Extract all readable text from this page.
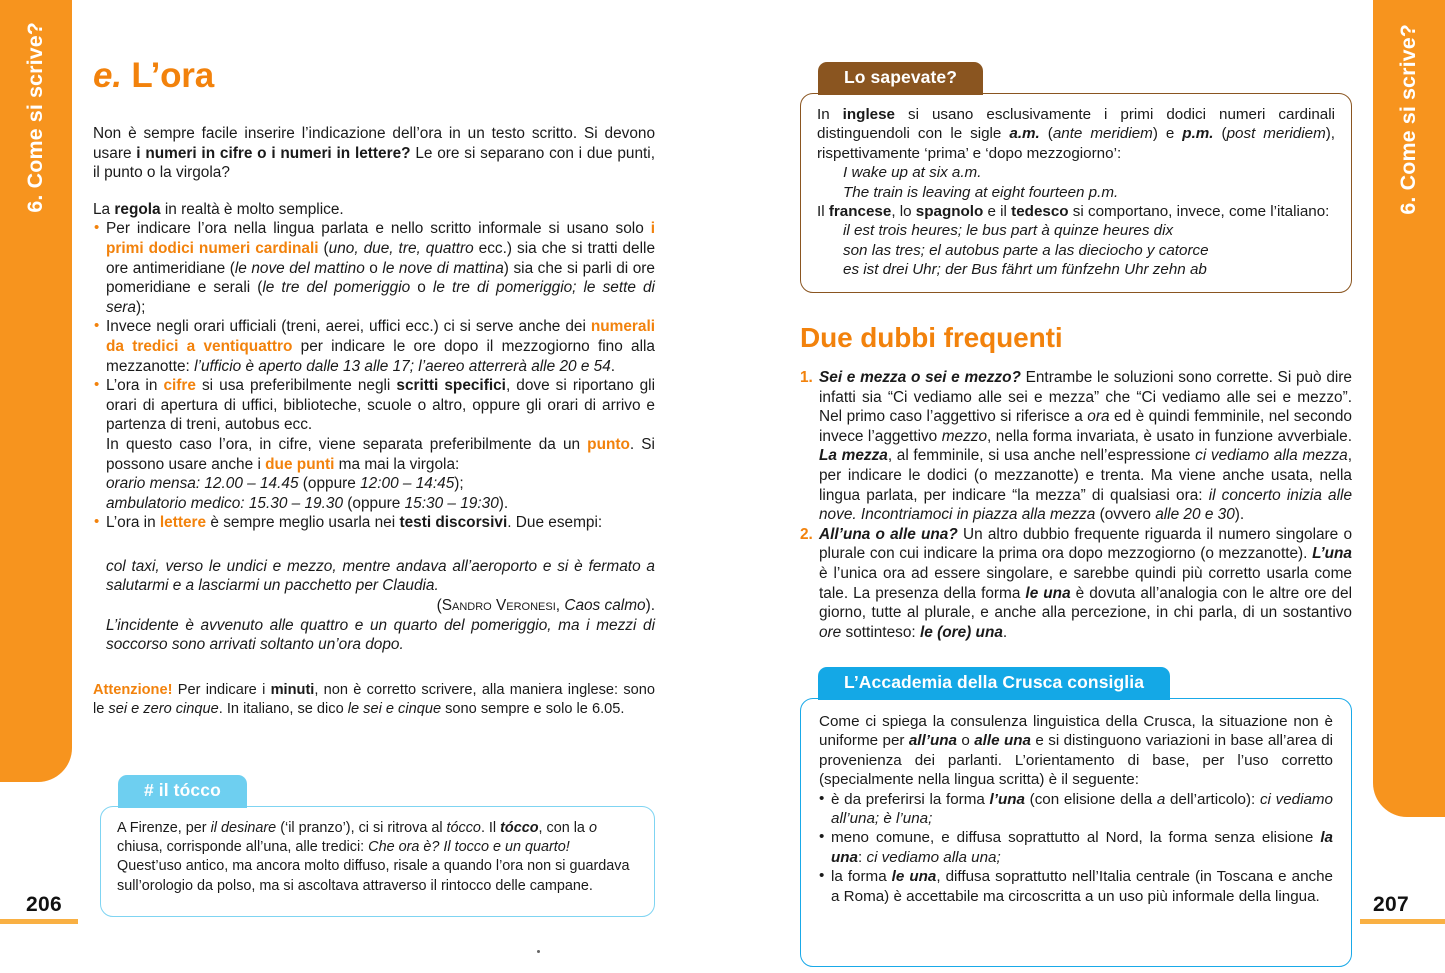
6. Come si scrive?	6. Come si scrive?
e. L’ora

Non è sempre facile inserire l’indicazione dell’ora in un testo scritto. Si devono usare i numeri in cifre o i numeri in lettere? Le ore si separano con i due punti, il punto o la virgola?

La regola in realtà è molto semplice.

• Per indicare l’ora nella lingua parlata e nello scritto informale si usano solo i primi dodici numeri cardinali (uno, due, tre, quattro ecc.) sia che si tratti delle ore antimeridiane (le nove del mattino o le nove di mattina) sia che si parli di ore pomeridiane e serali (le tre del pomeriggio o le tre di pomeriggio; le sette di sera);
• Invece negli orari ufficiali (treni, aerei, uffici ecc.) ci si serve anche dei numerali da tredici a ventiquattro per indicare le ore dopo il mezzogiorno fino alla mezzanotte: l’ufficio è aperto dalle 13 alle 17; l’aereo atterrerà alle 20 e 54.
• L’ora in cifre si usa preferibilmente negli scritti specifici, dove si riportano gli orari di apertura di uffici, biblioteche, scuole o altro, oppure gli orari di arrivo e partenza di treni, autobus ecc.
In questo caso l’ora, in cifre, viene separata preferibilmente da un punto. Si possono usare anche i due punti ma mai la virgola:
orario mensa: 12.00 – 14.45 (oppure 12:00 – 14:45);
ambulatorio medico: 15.30 – 19.30 (oppure 15:30 – 19:30).
• L’ora in lettere è sempre meglio usarla nei testi discorsivi. Due esempi:
col taxi, verso le undici e mezzo, mentre andava all’aeroporto e si è fermato a salutarmi e a lasciarmi un pacchetto per Claudia.
(Sandro Veronesi, Caos calmo).
L’incidente è avvenuto alle quattro e un quarto del pomeriggio, ma i mezzi di soccorso sono arrivati soltanto un’ora dopo.
Attenzione! Per indicare i minuti, non è corretto scrivere, alla maniera inglese: sono le sei e zero cinque. In italiano, se dico le sei e cinque sono sempre e solo le 6.05.
# il tócco
A Firenze, per il desinare (‘il pranzo’), ci si ritrova al tócco. Il tócco, con la o chiusa, corrisponde all’una, alle tredici: Che ora è? Il tocco e un quarto!
Quest’uso antico, ma ancora molto diffuso, risale a quando l’ora non si guardava sull’orologio da polso, ma si ascoltava attraverso il rintocco delle campane.
Lo sapevate?
In inglese si usano esclusivamente i primi dodici numeri cardinali distinguendoli con le sigle a.m. (ante meridiem) e p.m. (post meridiem), rispettivamente ‘prima’ e ‘dopo mezzogiorno’:
I wake up at six a.m.
The train is leaving at eight fourteen p.m.
Il francese, lo spagnolo e il tedesco si comportano, invece, come l’italiano:
il est trois heures; le bus part à quinze heures dix
son las tres; el autobus parte a las dieciocho y catorce
es ist drei Uhr; der Bus fährt um fünfzehn Uhr zehn ab
Due dubbi frequenti
1. Sei e mezza o sei e mezzo? Entrambe le soluzioni sono corrette. Si può dire infatti sia “Ci vediamo alle sei e mezza” che “Ci vediamo alle sei e mezzo”. Nel primo caso l’aggettivo si riferisce a ora ed è quindi femminile, nel secondo invece l’aggettivo mezzo, nella forma invariata, è usato in funzione avverbiale. La mezza, al femminile, si usa anche nell’espressione ci vediamo alla mezza, per indicare le dodici (o mezzanotte) e trenta. Ma viene anche usata, nella lingua parlata, per indicare “la mezza” di qualsiasi ora: il concerto inizia alle nove. Incontriamoci in piazza alla mezza (ovvero alle 20 e 30).
2. All’una o alle una? Un altro dubbio frequente riguarda il numero singolare o plurale con cui indicare la prima ora dopo mezzogiorno (o mezzanotte). L’una è l’unica ora ad essere singolare, e sarebbe quindi più corretto usarla come tale. La presenza della forma le una è dovuta all’analogia con le altre ore del giorno, tutte al plurale, e anche alla percezione, in chi parla, di un sostantivo ore sottinteso: le (ore) una.
L’Accademia della Crusca consiglia
Come ci spiega la consulenza linguistica della Crusca, la situazione non è uniforme per all’una o alle una e si distinguono variazioni in base all’area di provenienza dei parlanti. L’orientamento di base, per l’uso corretto (specialmente nella lingua scritta) è il seguente:
• è da preferirsi la forma l’una (con elisione della a dell’articolo): ci vediamo all’una; è l’una;
• meno comune, e diffusa soprattutto al Nord, la forma senza elisione la una: ci vediamo alla una;
• la forma le una, diffusa soprattutto nell’Italia centrale (in Toscana e anche a Roma) è accettabile ma circoscritta a un uso più informale della lingua.
206	207
